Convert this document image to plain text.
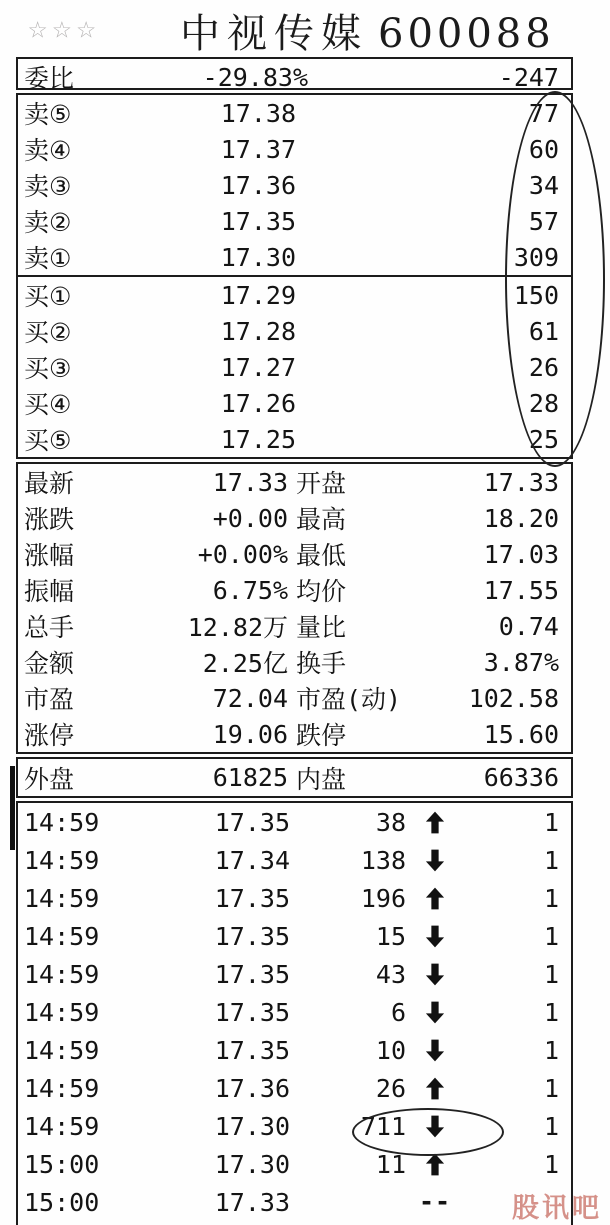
☆☆☆ 中视传媒 600088
委比	-29.83%	-247
卖⑤	17.38	77
卖④	17.37	60
卖③	17.36	34
卖②	17.35	57
卖①	17.30	309
买①	17.29	150
买②	17.28	61
买③	17.27	26
买④	17.26	28
买⑤	17.25	25
最新	17.33 开盘	17.33
涨跌	+0.00 最高	18.20
涨幅	+0.00% 最低	17.03
振幅	6.75% 均价	17.55
总手	12.82万 量比	0.74
金额	2.25亿 换手	3.87%
市盈	72.04 市盈(动)	102.58
涨停	19.06 跌停	15.60
外盘	61825 内盘	66336
14:59	17.35	38	1
14:59	17.34	138	1
14:59	17.35	196	1
14:59	17.35	15	1
14:59	17.35	43	1
14:59	17.35	6	1
14:59	17.35	10	1
14:59	17.36	26	1
14:59	17.30	711	1
15:00	17.30	11	1
15:00	17.33	--	股讯吧
